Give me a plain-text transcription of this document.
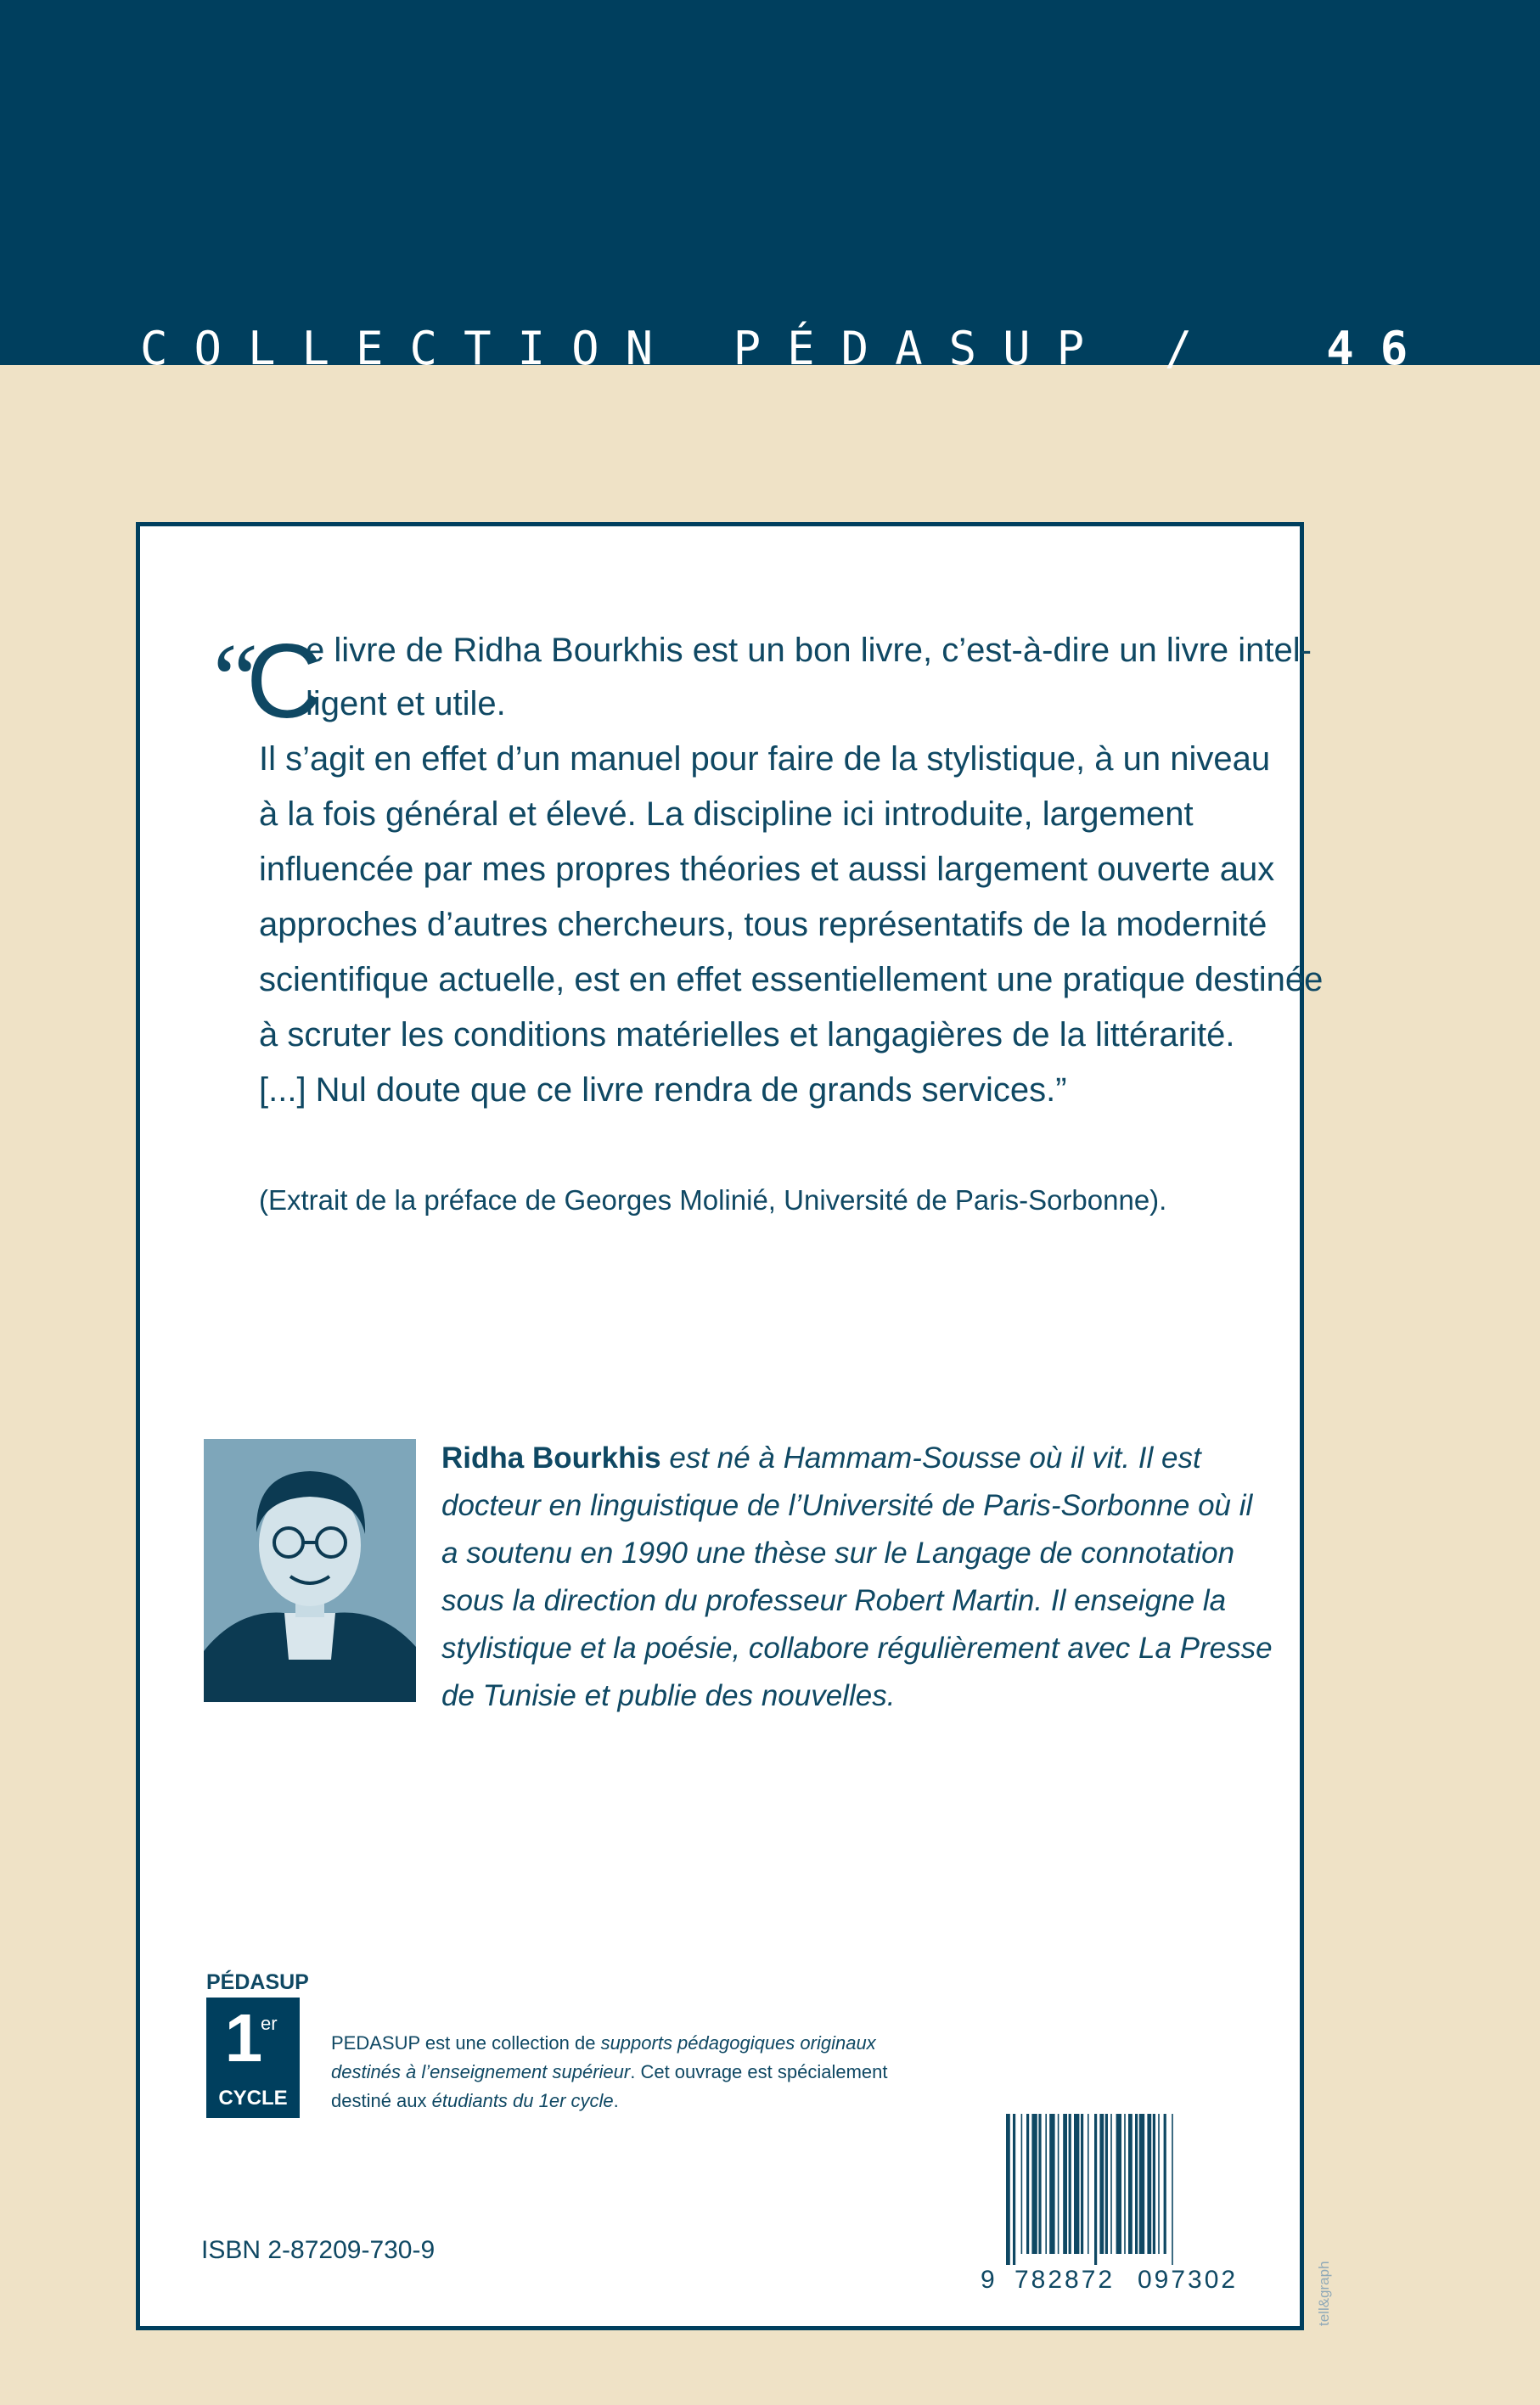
COLLECTION PÉDASUP / 46
“
C
e livre de Ridha Bourkhis est un bon livre, c’est-à-dire un livre intel-
ligent et utile.
Il s’agit en effet d’un manuel pour faire de la stylistique, à un niveau
à la fois général et élevé. La discipline ici introduite, largement
influencée par mes propres théories et aussi largement ouverte aux
approches d’autres chercheurs, tous représentatifs de la modernité
scientifique actuelle, est en effet essentiellement une pratique destinée
à scruter les conditions matérielles et langagières de la littérarité.
[...] Nul doute que ce livre rendra de grands services.”
(Extrait de la préface de Georges Molinié, Université de Paris-Sorbonne).
Ridha Bourkhis est né à Hammam-Sousse où il vit. Il est
docteur en linguistique de l’Université de Paris-Sorbonne où il
a soutenu en 1990 une thèse sur le Langage de connotation
sous la direction du professeur Robert Martin. Il enseigne la
stylistique et la poésie, collabore régulièrement avec La Presse
de Tunisie et publie des nouvelles.
PÉDASUP
1
er
CYCLE
PEDASUP est une collection de supports pédagogiques originaux
destinés à l’enseignement supérieur. Cet ouvrage est spécialement
destiné aux étudiants du 1er cycle.
9 782872 097302
ISBN 2-87209-730-9
tell&graph
